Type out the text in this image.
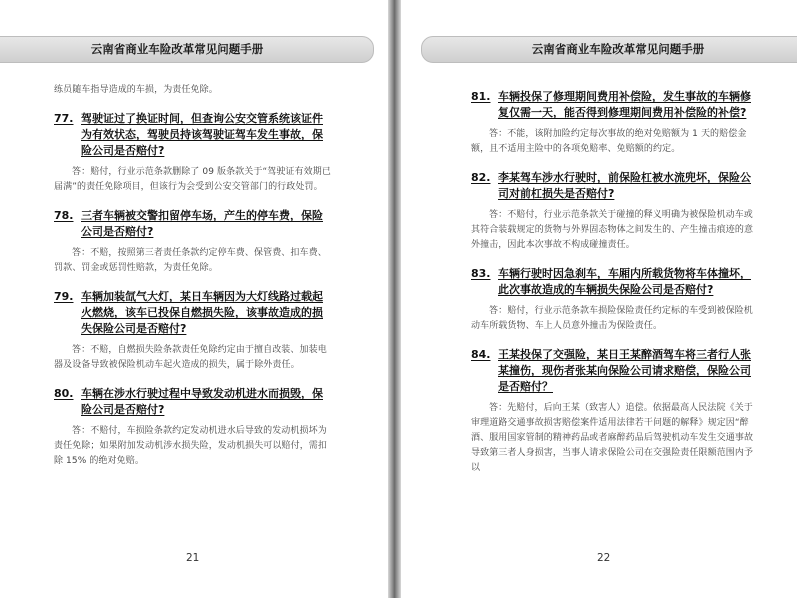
云南省商业车险改革常见问题手册

练员随车指导造成的车损，为责任免除。

77. 驾驶证过了换证时间，但查询公安交管系统该证件为有效状态，驾驶员持该驾驶证驾车发生事故，保险公司是否赔付?

答：赔付，行业示范条款删除了 09 版条款关于“驾驶证有效期已届满”的责任免除项目，但该行为会受到公安交管部门的行政处罚。

78. 三者车辆被交警扣留停车场，产生的停车费，保险公司是否赔付?

答：不赔，按照第三者责任条款约定停车费、保管费、扣车费、罚款、罚金或惩罚性赔款，为责任免除。

79. 车辆加装氙气大灯，某日车辆因为大灯线路过载起火燃烧，该车已投保自燃损失险，该事故造成的损失保险公司是否赔付?

答：不赔，自燃损失险条款责任免除约定由于擅自改装、加装电器及设备导致被保险机动车起火造成的损失，属于除外责任。

80. 车辆在涉水行驶过程中导致发动机进水而损毁，保险公司是否赔付?

答：不赔付，车损险条款约定发动机进水后导致的发动机损坏为责任免除；如果附加发动机涉水损失险，发动机损失可以赔付，需扣除 15% 的绝对免赔。

21
云南省商业车险改革常见问题手册
81. 车辆投保了修理期间费用补偿险，发生事故的车辆修复仅需一天，能否得到修理期间费用补偿险的补偿?

答：不能，该附加险约定每次事故的绝对免赔额为 1 天的赔偿金额，且不适用主险中的各项免赔率、免赔额的约定。

82. 李某驾车涉水行驶时，前保险杠被水流兜坏，保险公司对前杠损失是否赔付?

答：不赔付，行业示范条款关于碰撞的释义明确为被保险机动车或其符合装载规定的货物与外界固态物体之间发生的、产生撞击痕迹的意外撞击，因此本次事故不构成碰撞责任。

83. 车辆行驶时因急刹车，车厢内所载货物将车体撞坏，此次事故造成的车辆损失保险公司是否赔付?

答：赔付，行业示范条款车损险保险责任约定标的车受到被保险机动车所载货物、车上人员意外撞击为保险责任。

84. 王某投保了交强险，某日王某醉酒驾车将三者行人张某撞伤，现伤者张某向保险公司请求赔偿，保险公司是否赔付？

答：先赔付，后向王某（致害人）追偿。依据最高人民法院《关于审理道路交通事故损害赔偿案件适用法律若干问题的解释》规定因“醉酒、服用国家管制的精神药品或者麻醉药品后驾驶机动车发生交通事故导致第三者人身损害，当事人请求保险公司在交强险责任限额范围内予以

22
